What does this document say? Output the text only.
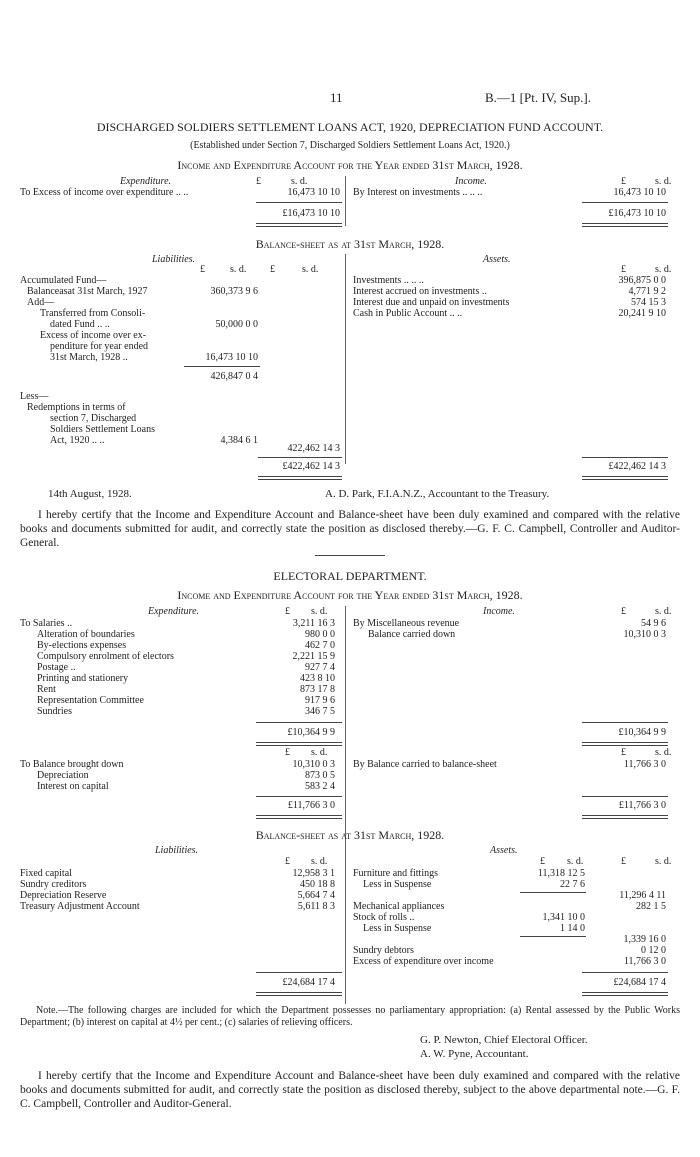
11	B.—1 [Pt. IV, Sup.].
DISCHARGED SOLDIERS SETTLEMENT LOANS ACT, 1920, DEPRECIATION FUND ACCOUNT.
(Established under Section 7, Discharged Soldiers Settlement Loans Act, 1920.)
Income and Expenditure Account for the Year ended 31st March, 1928.
Expenditure.	£	s. d.	Income.	£	s. d.
To Excess of income over expenditure .. ..	16,473 10 10 By Interest on investments .. .. ..	16,473 10 10
£16,473 10 10	£16,473 10 10
Balance-sheet as at 31st March, 1928.
Liabilities.
£	s. d. £	s. d.
Assets.
£	s. d.
Accumulated Fund—
Balanceasat 31st March, 1927	360,373 9 6
Add—
Transferred from Consoli-
dated Fund .. ..	50,000 0 0
Excess of income over ex-
penditure for year ended
31st March, 1928 ..	16,473 10 10
426,847 0 4
Less—
Redemptions in terms of
section 7, Discharged
Soldiers Settlement Loans
Act, 1920 .. ..	4,384 6 1
422,462 14 3
£422,462 14 3
Investments .. .. ..	396,875 0 0
Interest accrued on investments ..	4,771 9 2
Interest due and unpaid on investments	574 15 3
Cash in Public Account .. ..	20,241 9 10
£422,462 14 3
14th August, 1928.	A. D. Park, F.I.A.N.Z., Accountant to the Treasury.
I hereby certify that the Income and Expenditure Account and Balance-sheet have been duly examined and compared with the relative books and documents submitted for audit, and correctly state the position as disclosed thereby.—G. F. C. Campbell, Controller and Auditor-General.
ELECTORAL DEPARTMENT.
Income and Expenditure Account for the Year ended 31st March, 1928.
Expenditure.	£ s. d.	Income.	£	s. d.
To Salaries ..	3,211 16 3
Alteration of boundaries	980 0 0
By-elections expenses	462 7 0
Compulsory enrolment of electors	2,221 15 9
Postage ..	927 7 4
Printing and stationery	423 8 10
Rent	873 17 8
Representation Committee	917 9 6
Sundries	346 7 5
By Miscellaneous revenue	54 9 6
Balance carried down	10,310 0 3
£10,364 9 9	£10,364 9 9
£ s. d.	£	s. d.
To Balance brought down	10,310 0 3
Depreciation	873 0 5
Interest on capital	583 2 4
By Balance carried to balance-sheet	11,766 3 0
£11,766 3 0	£11,766 3 0
Balance-sheet as at 31st March, 1928.
Liabilities.	Assets.
£ s. d.	£ s. d.	£	s. d.
Fixed capital	12,958 3 1
Sundry creditors	450 18 8
Depreciation Reserve	5,664 7 4
Treasury Adjustment Account	5,611 8 3
Furniture and fittings	11,318 12 5
Less in Suspense	22 7 6
11,296 4 11
Mechanical appliances	282 1 5
Stock of rolls ..	1,341 10 0
Less in Suspense	1 14 0
1,339 16 0
Sundry debtors	0 12 0
Excess of expenditure over income	11,766 3 0
£24,684 17 4	£24,684 17 4
Note.—The following charges are included for which the Department possesses no parliamentary appropriation: (a) Rental assessed by the Public Works Department; (b) interest on capital at 4½ per cent.; (c) salaries of relieving officers.
G. P. Newton, Chief Electoral Officer.
A. W. Pyne, Accountant.
I hereby certify that the Income and Expenditure Account and Balance-sheet have been duly examined and compared with the relative books and documents submitted for audit, and correctly state the position as disclosed thereby, subject to the above departmental note.—G. F. C. Campbell, Controller and Auditor-General.
